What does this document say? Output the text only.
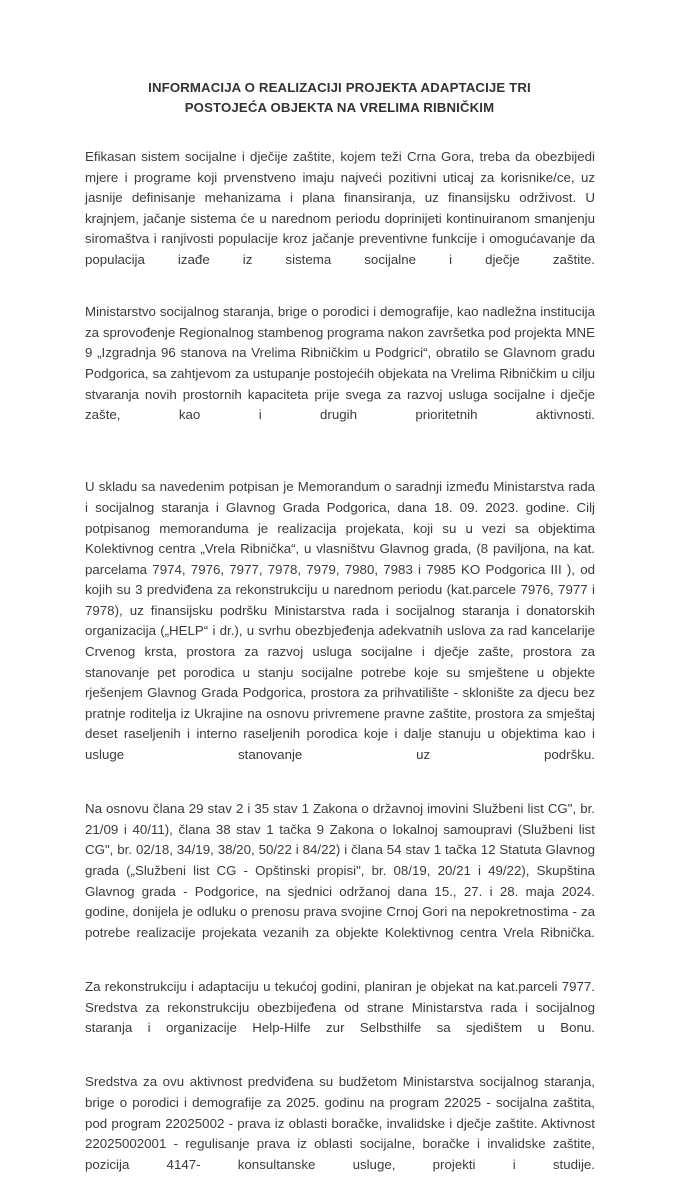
INFORMACIJA O REALIZACIJI PROJEKTA ADAPTACIJE TRI
POSTOJEĆA OBJEKTA NA VRELIMA RIBNIČKIM

Efikasan sistem socijalne i dječije zaštite, kojem teži Crna Gora, treba da obezbijedi mjere i programe koji prvenstveno imaju najveći pozitivni uticaj za korisnike/ce, uz jasnije definisanje mehanizama i plana finansiranja, uz finansijsku održivost. U krajnjem, jačanje sistema će u narednom periodu doprinijeti kontinuiranom smanjenju siromaštva i ranjivosti populacije kroz jačanje preventivne funkcije i omogućavanje da populacija izađe iz sistema socijalne i dječje zaštite.

Ministarstvo socijalnog staranja, brige o porodici i demografije, kao nadležna institucija za sprovođenje Regionalnog stambenog programa nakon završetka pod projekta MNE 9 „Izgradnja 96 stanova na Vrelima Ribničkim u Podgrici“, obratilo se Glavnom gradu Podgorica, sa zahtjevom za ustupanje postojećih objekata na Vrelima Ribničkim u cilju stvaranja novih prostornih kapaciteta prije svega za razvoj usluga socijalne i dječje zašte, kao i drugih prioritetnih aktivnosti.

U skladu sa navedenim potpisan je Memorandum o saradnji između Ministarstva rada i socijalnog staranja i Glavnog Grada Podgorica, dana 18. 09. 2023. godine. Cilj potpisanog memoranduma je realizacija projekata, koji su u vezi sa objektima Kolektivnog centra „Vrela Ribnička“, u vlasništvu Glavnog grada, (8 paviljona, na kat. parcelama 7974, 7976, 7977, 7978, 7979, 7980, 7983 i 7985 KO Podgorica III ), od kojih su 3 predviđena za rekonstrukciju u narednom periodu (kat.parcele 7976, 7977 i 7978), uz finansijsku podršku Ministarstva rada i socijalnog staranja i donatorskih organizacija („HELP“ i dr.), u svrhu obezbjeđenja adekvatnih uslova za rad kancelarije Crvenog krsta, prostora za razvoj usluga socijalne i dječje zašte, prostora za stanovanje pet porodica u stanju socijalne potrebe koje su smještene u objekte rješenjem Glavnog Grada Podgorica, prostora za prihvatilište - sklonište za djecu bez pratnje roditelja iz Ukrajine na osnovu privremene pravne zaštite, prostora za smještaj deset raseljenih i interno raseljenih porodica koje i dalje stanuju u objektima kao i usluge stanovanje uz podršku.

Na osnovu člana 29 stav 2 i 35 stav 1 Zakona o državnoj imovini Službeni list CG", br. 21/09 i 40/11), člana 38 stav 1 tačka 9 Zakona o lokalnoj samoupravi (Službeni list CG", br. 02/18, 34/19, 38/20, 50/22 i 84/22) i člana 54 stav 1 tačka 12 Statuta Glavnog grada („Službeni list CG - Opštinski propisi", br. 08/19, 20/21 i 49/22), Skupština Glavnog grada - Podgorice, na sjednici održanoj dana 15., 27. i 28. maja 2024. godine, donijela je odluku o prenosu prava svojine Crnoj Gori na nepokretnostima - za potrebe realizacije projekata vezanih za objekte Kolektivnog centra Vrela Ribnička.

Za rekonstrukciju i adaptaciju u tekućoj godini, planiran je objekat na kat.parceli 7977. Sredstva za rekonstrukciju obezbijeđena od strane Ministarstva rada i socijalnog staranja i organizacije Help-Hilfe zur Selbsthilfe sa sjedištem u Bonu.

Sredstva za ovu aktivnost predviđena su budžetom Ministarstva socijalnog staranja, brige o porodici i demografije za 2025. godinu na program 22025 - socijalna zaštita, pod program 22025002 - prava iz oblasti boračke, invalidske i dječje zaštite. Aktivnost 22025002001 - regulisanje prava iz oblasti socijalne, boračke i invalidske zaštite, pozicija 4147- konsultanske usluge, projekti i studije.
